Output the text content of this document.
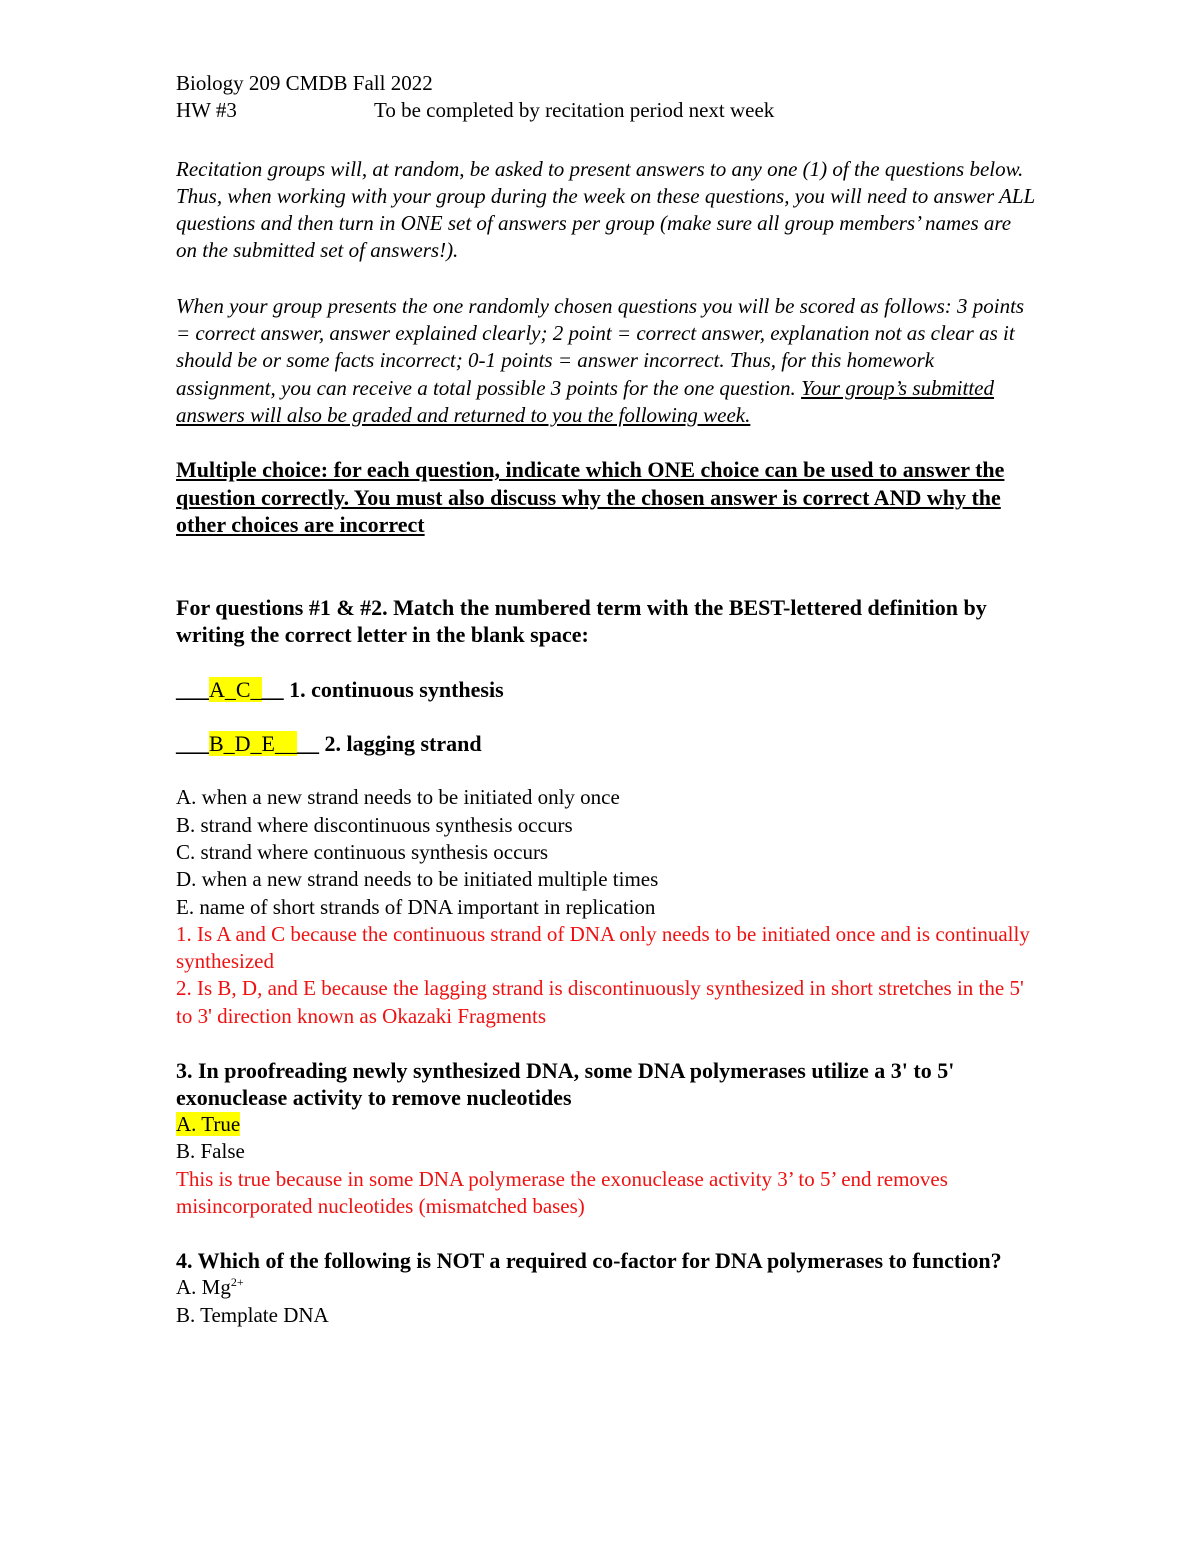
Biology 209 CMDB Fall 2022

HW #3	To be completed by recitation period next week

Recitation groups will, at random, be asked to present answers to any one (1) of the questions below. Thus, when working with your group during the week on these questions, you will need to answer ALL questions and then turn in ONE set of answers per group (make sure all group members’ names are on the submitted set of answers!).

When your group presents the one randomly chosen questions you will be scored as follows: 3 points = correct answer, answer explained clearly; 2 point = correct answer, explanation not as clear as it should be or some facts incorrect; 0-1 points = answer incorrect. Thus, for this homework assignment, you can receive a total possible 3 points for the one question. Your group’s submitted answers will also be graded and returned to you the following week.

Multiple choice: for each question, indicate which ONE choice can be used to answer the question correctly. You must also discuss why the chosen answer is correct AND why the other choices are incorrect

For questions #1 & #2. Match the numbered term with the BEST-lettered definition by writing the correct letter in the blank space:

___A_C___ 1. continuous synthesis

___B_D_E____ 2. lagging strand

A. when a new strand needs to be initiated only once

B. strand where discontinuous synthesis occurs

C. strand where continuous synthesis occurs

D. when a new strand needs to be initiated multiple times

E. name of short strands of DNA important in replication

1. Is A and C because the continuous strand of DNA only needs to be initiated once and is continually synthesized

2. Is B, D, and E because the lagging strand is discontinuously synthesized in short stretches in the 5' to 3' direction known as Okazaki Fragments

3. In proofreading newly synthesized DNA, some DNA polymerases utilize a 3' to 5' exonuclease activity to remove nucleotides

A. True

B. False

This is true because in some DNA polymerase the exonuclease activity 3’ to 5’ end removes misincorporated nucleotides (mismatched bases)

4. Which of the following is NOT a required co-factor for DNA polymerases to function?

A. $Mg^{2+}$

B. Template DNA
